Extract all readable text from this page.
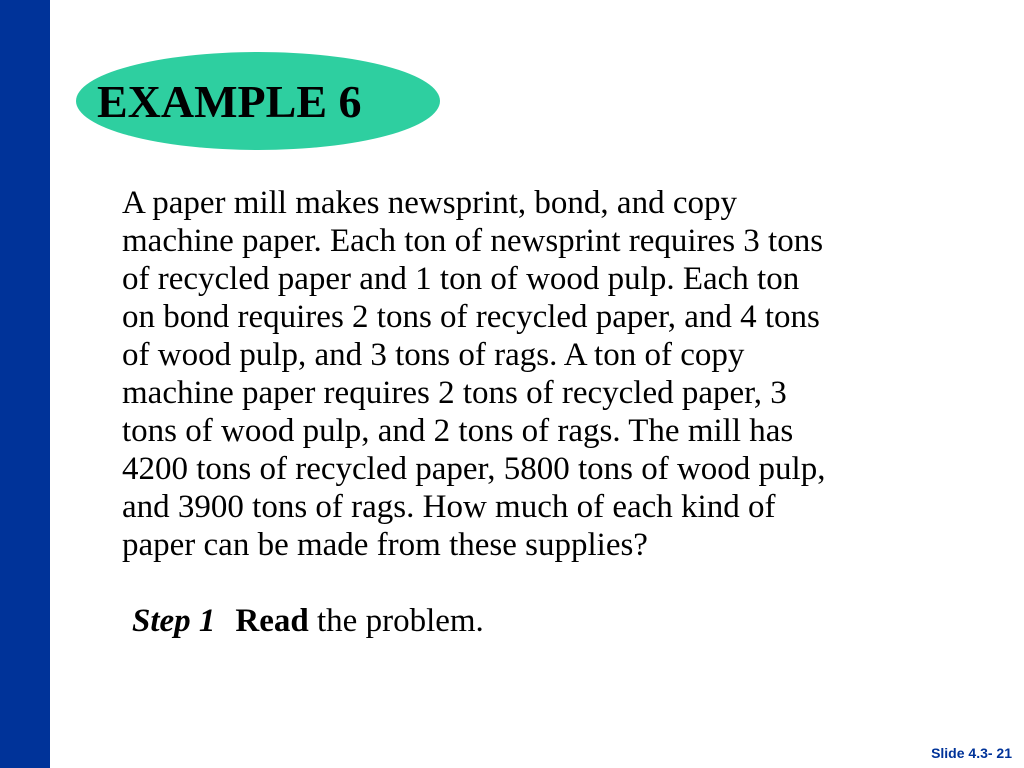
EXAMPLE 6
A paper mill makes newsprint, bond, and copy
machine paper. Each ton of newsprint requires 3 tons
of recycled paper and 1 ton of wood pulp. Each ton
on bond requires 2 tons of recycled paper, and 4 tons
of wood pulp, and 3 tons of rags. A ton of copy
machine paper requires 2 tons of recycled paper, 3
tons of wood pulp, and 2 tons of rags. The mill has
4200 tons of recycled paper, 5800 tons of wood pulp,
and 3900 tons of rags. How much of each kind of
paper can be made from these supplies?
Step 1 Read the problem.
Slide 4.3- 21
